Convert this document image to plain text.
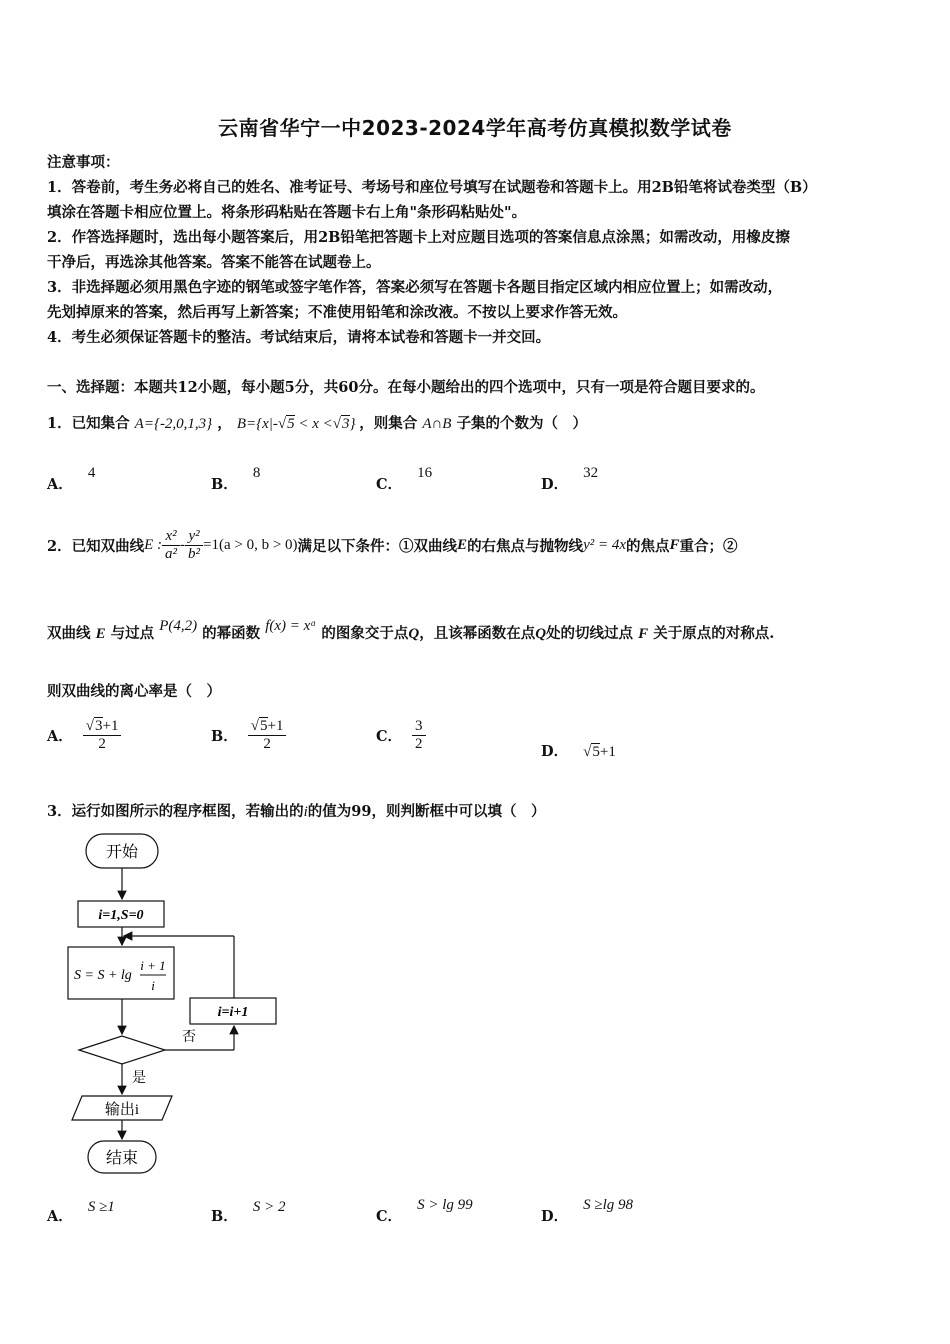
云南省华宁一中2023-2024学年高考仿真模拟数学试卷
注意事项：
1．答卷前，考生务必将自己的姓名、准考证号、考场号和座位号填写在试题卷和答题卡上。用2B铅笔将试卷类型（B）
填涂在答题卡相应位置上。将条形码粘贴在答题卡右上角"条形码粘贴处"。
2．作答选择题时，选出每小题答案后，用2B铅笔把答题卡上对应题目选项的答案信息点涂黑；如需改动，用橡皮擦
干净后，再选涂其他答案。答案不能答在试题卷上。
3．非选择题必须用黑色字迹的钢笔或签字笔作答，答案必须写在答题卡各题目指定区域内相应位置上；如需改动，
先划掉原来的答案，然后再写上新答案；不准使用铅笔和涂改液。不按以上要求作答无效。
4．考生必须保证答题卡的整洁。考试结束后，请将本试卷和答题卡一并交回。
一、选择题：本题共12小题，每小题5分，共60分。在每小题给出的四个选项中，只有一项是符合题目要求的。
1．已知集合 A={-2,0,1,3} ， B={x|-√5 < x <√3} ，则集合 A∩B 子集的个数为（　）
A． 4
B． 8
C． 16
D． 32
2．已知双曲线 E : $\frac{\text{x²}}{\text{a²}} - \frac{\text{y²}}{\text{b²}} =1(a > 0$, b > 0) 满足以下条件：①双曲线 E 的右焦点与抛物线 y² = 4x 的焦点 F 重合；②
双曲线 E 与过点 P(4,2) 的幂函数 f(x) = xᵅ 的图象交于点Q，且该幂函数在点Q处的切线过点 F 关于原点的对称点.
则双曲线的离心率是（　）
A． $\frac{√3+1}{2}$	B． $\frac{√5+1}{2}$	C． $\frac{3}{2}$	D． √5+1
3．运行如图所示的程序框图，若输出的i的值为99，则判断框中可以填（　）
开始
i=1,S=0
S = S + lg
i + 1
i
否
i=i+1
是
输出i
结束
A． S ≥1
B． S > 2
C． S > lg 99
D． S ≥lg 98
